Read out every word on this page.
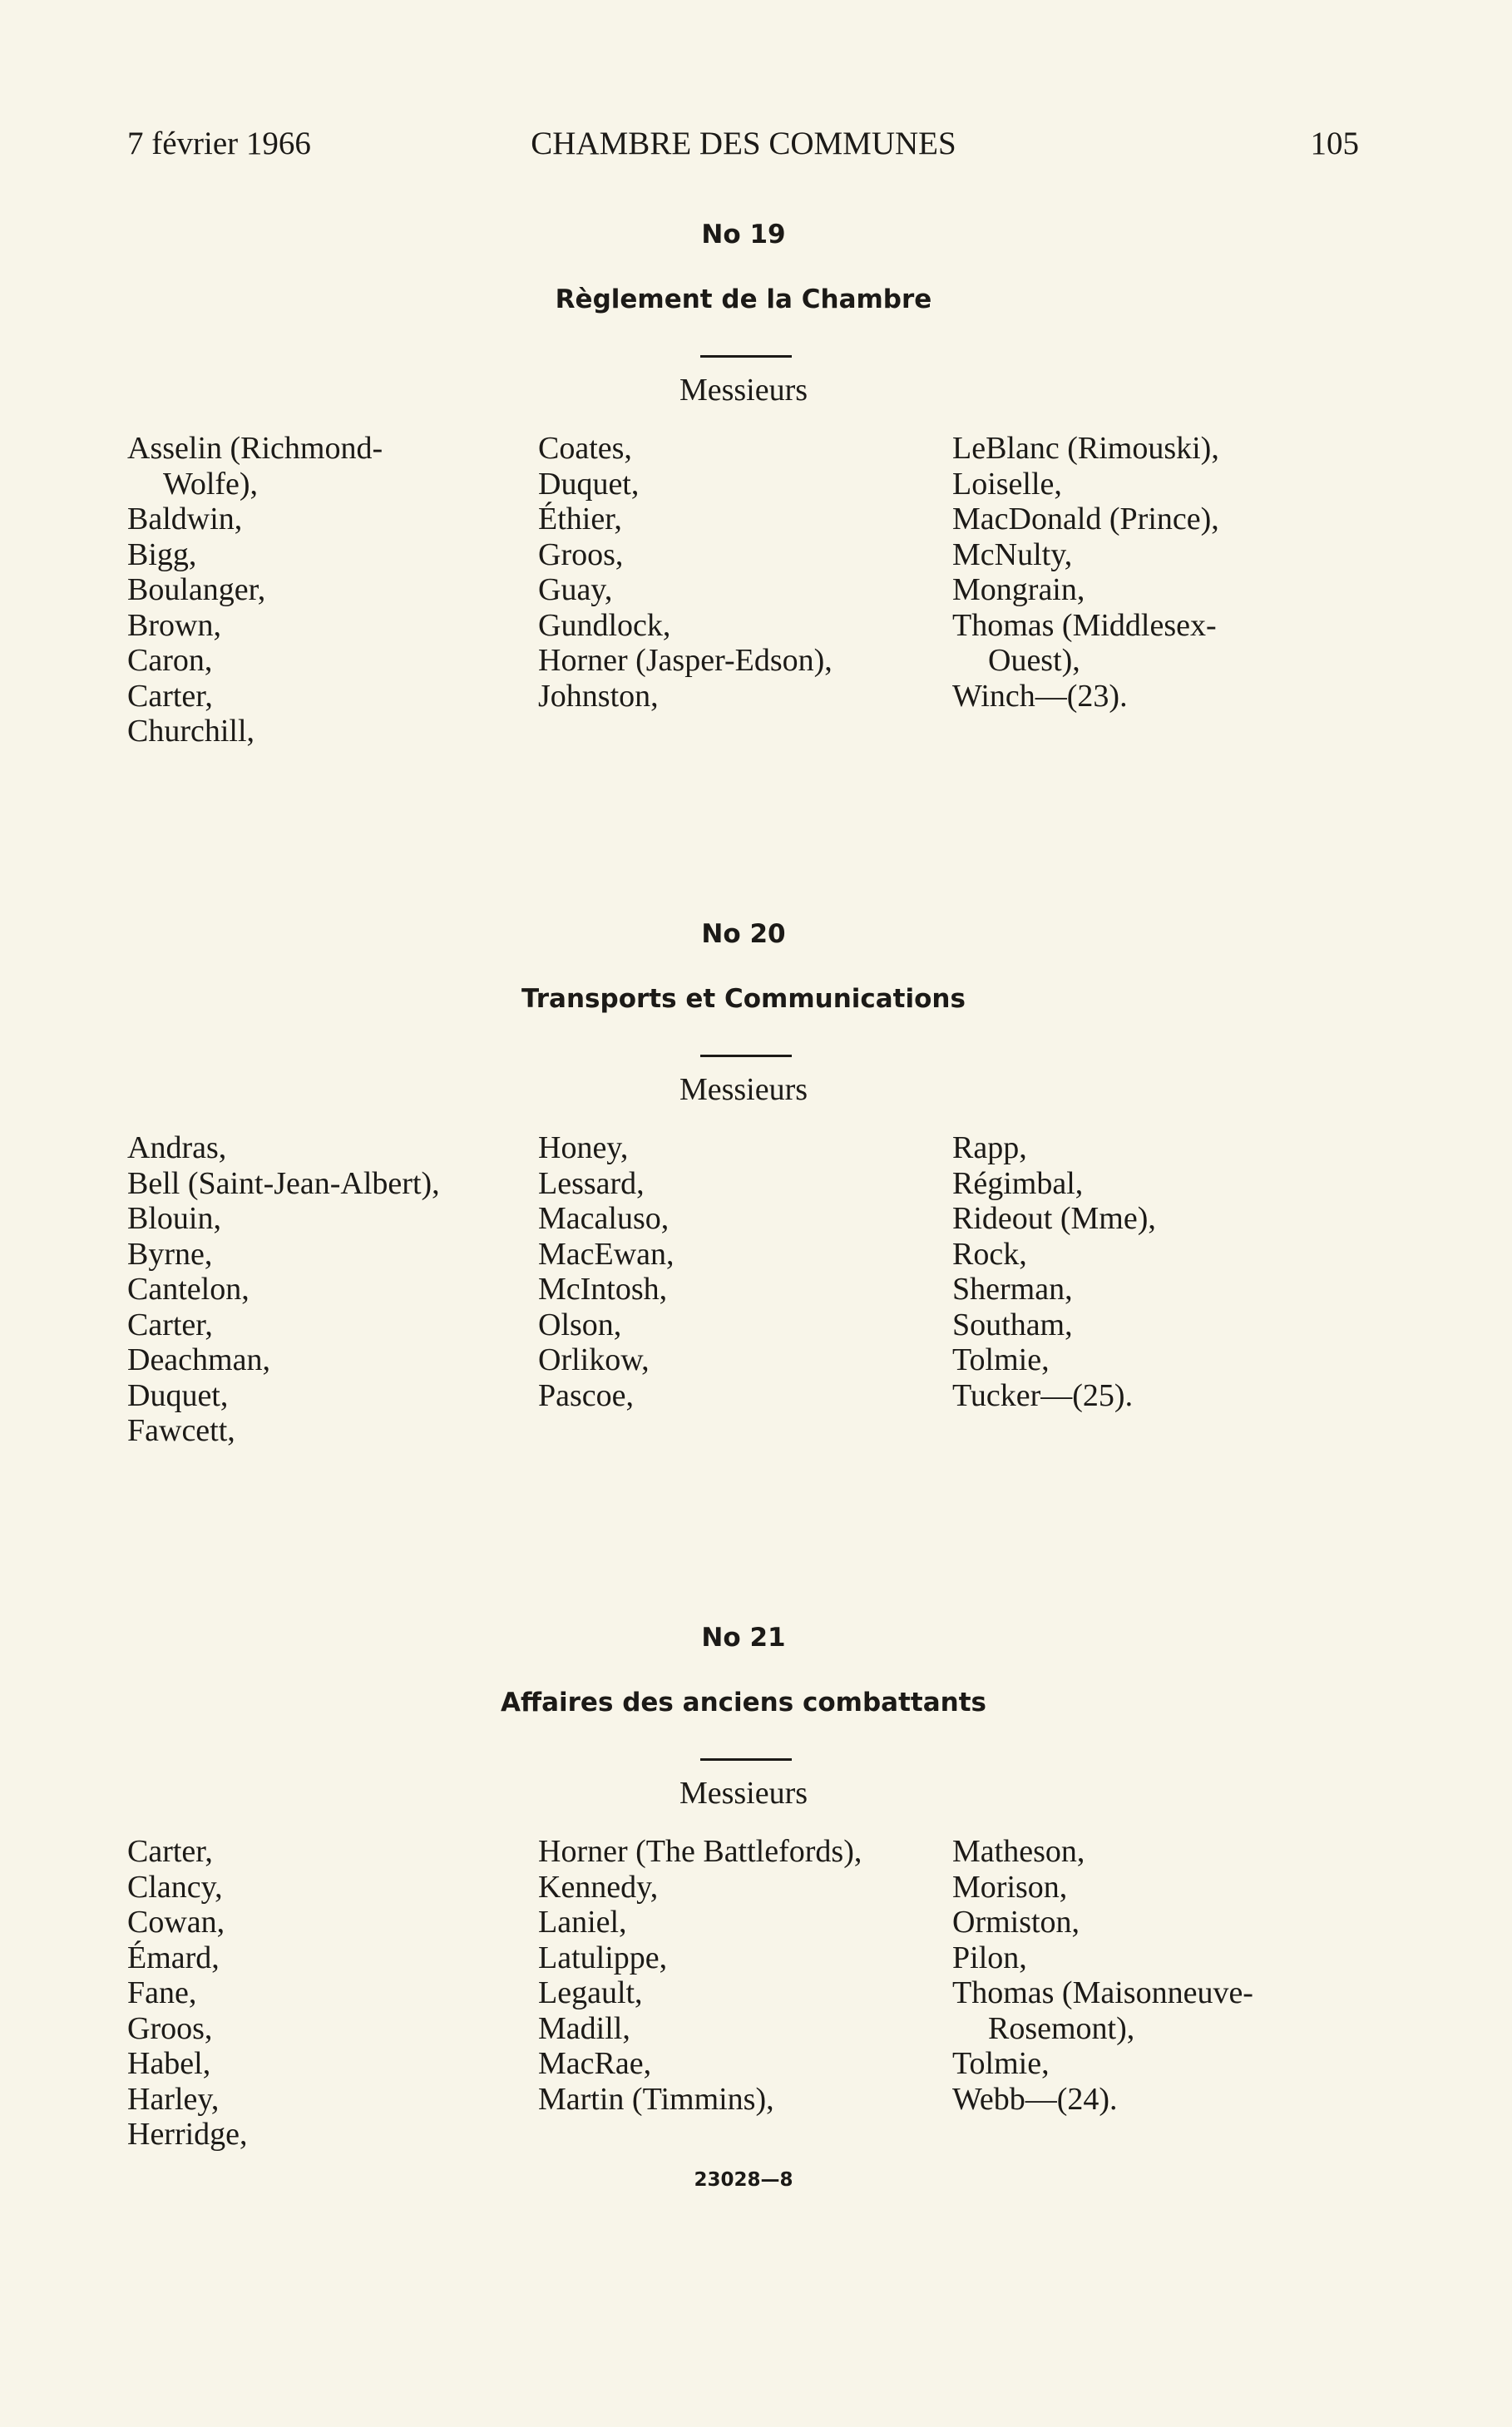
7 février 1966	CHAMBRE DES COMMUNES	105
No 19
Règlement de la Chambre
Messieurs
Asselin (Richmond-
Wolfe),
Baldwin,
Bigg,
Boulanger,
Brown,
Caron,
Carter,
Churchill,
Coates,
Duquet,
Éthier,
Groos,
Guay,
Gundlock,
Horner (Jasper-Edson),
Johnston,
LeBlanc (Rimouski),
Loiselle,
MacDonald (Prince),
McNulty,
Mongrain,
Thomas (Middlesex-
Ouest),
Winch—(23).
No 20
Transports et Communications
Messieurs
Andras,
Bell (Saint-Jean-Albert),
Blouin,
Byrne,
Cantelon,
Carter,
Deachman,
Duquet,
Fawcett,
Honey,
Lessard,
Macaluso,
MacEwan,
McIntosh,
Olson,
Orlikow,
Pascoe,
Rapp,
Régimbal,
Rideout (Mme),
Rock,
Sherman,
Southam,
Tolmie,
Tucker—(25).
No 21
Affaires des anciens combattants
Messieurs
Carter,
Clancy,
Cowan,
Émard,
Fane,
Groos,
Habel,
Harley,
Herridge,
Horner (The Battlefords),
Kennedy,
Laniel,
Latulippe,
Legault,
Madill,
MacRae,
Martin (Timmins),
Matheson,
Morison,
Ormiston,
Pilon,
Thomas (Maisonneuve-
Rosemont),
Tolmie,
Webb—(24).
23028—8
